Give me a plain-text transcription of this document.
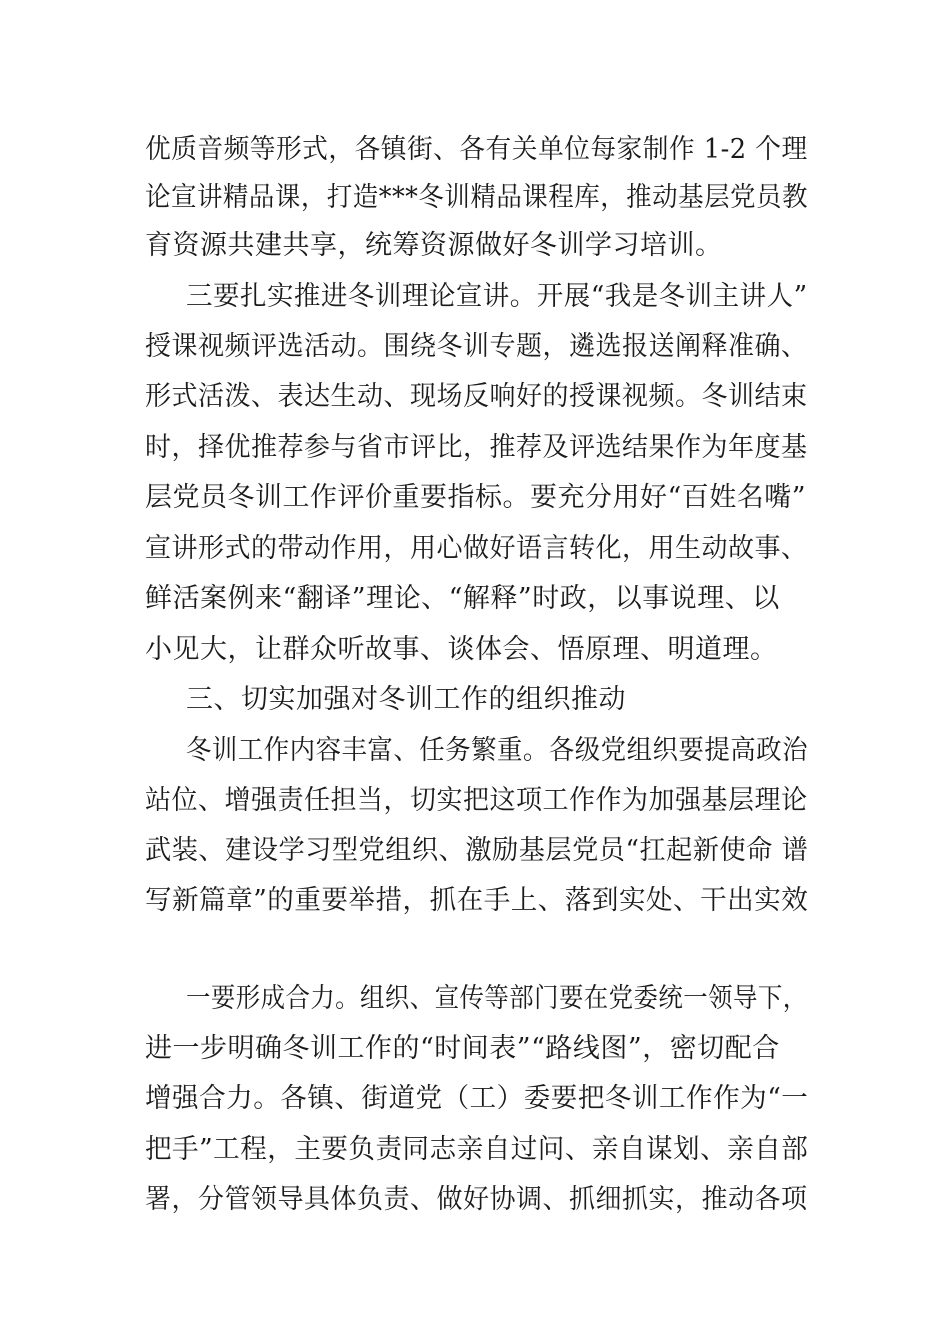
优质音频等形式，各镇街、各有关单位每家制作 1-2 个理
论宣讲精品课，打造***冬训精品课程库，推动基层党员教
育资源共建共享，统筹资源做好冬训学习培训。
三要扎实推进冬训理论宣讲。开展“我是冬训主讲人”
授课视频评选活动。围绕冬训专题，遴选报送阐释准确、
形式活泼、表达生动、现场反响好的授课视频。冬训结束
时，择优推荐参与省市评比，推荐及评选结果作为年度基
层党员冬训工作评价重要指标。要充分用好“百姓名嘴”
宣讲形式的带动作用，用心做好语言转化，用生动故事、
鲜活案例来“翻译”理论、“解释”时政，以事说理、以
小见大，让群众听故事、谈体会、悟原理、明道理。
三、切实加强对冬训工作的组织推动
冬训工作内容丰富、任务繁重。各级党组织要提高政治
站位、增强责任担当，切实把这项工作作为加强基层理论
武装、建设学习型党组织、激励基层党员“扛起新使命 谱
写新篇章”的重要举措，抓在手上、落到实处、干出实效
一要形成合力。组织、宣传等部门要在党委统一领导下，
进一步明确冬训工作的“时间表”“路线图”，密切配合
增强合力。各镇、街道党（工）委要把冬训工作作为“一
把手”工程，主要负责同志亲自过问、亲自谋划、亲自部
署，分管领导具体负责、做好协调、抓细抓实，推动各项
